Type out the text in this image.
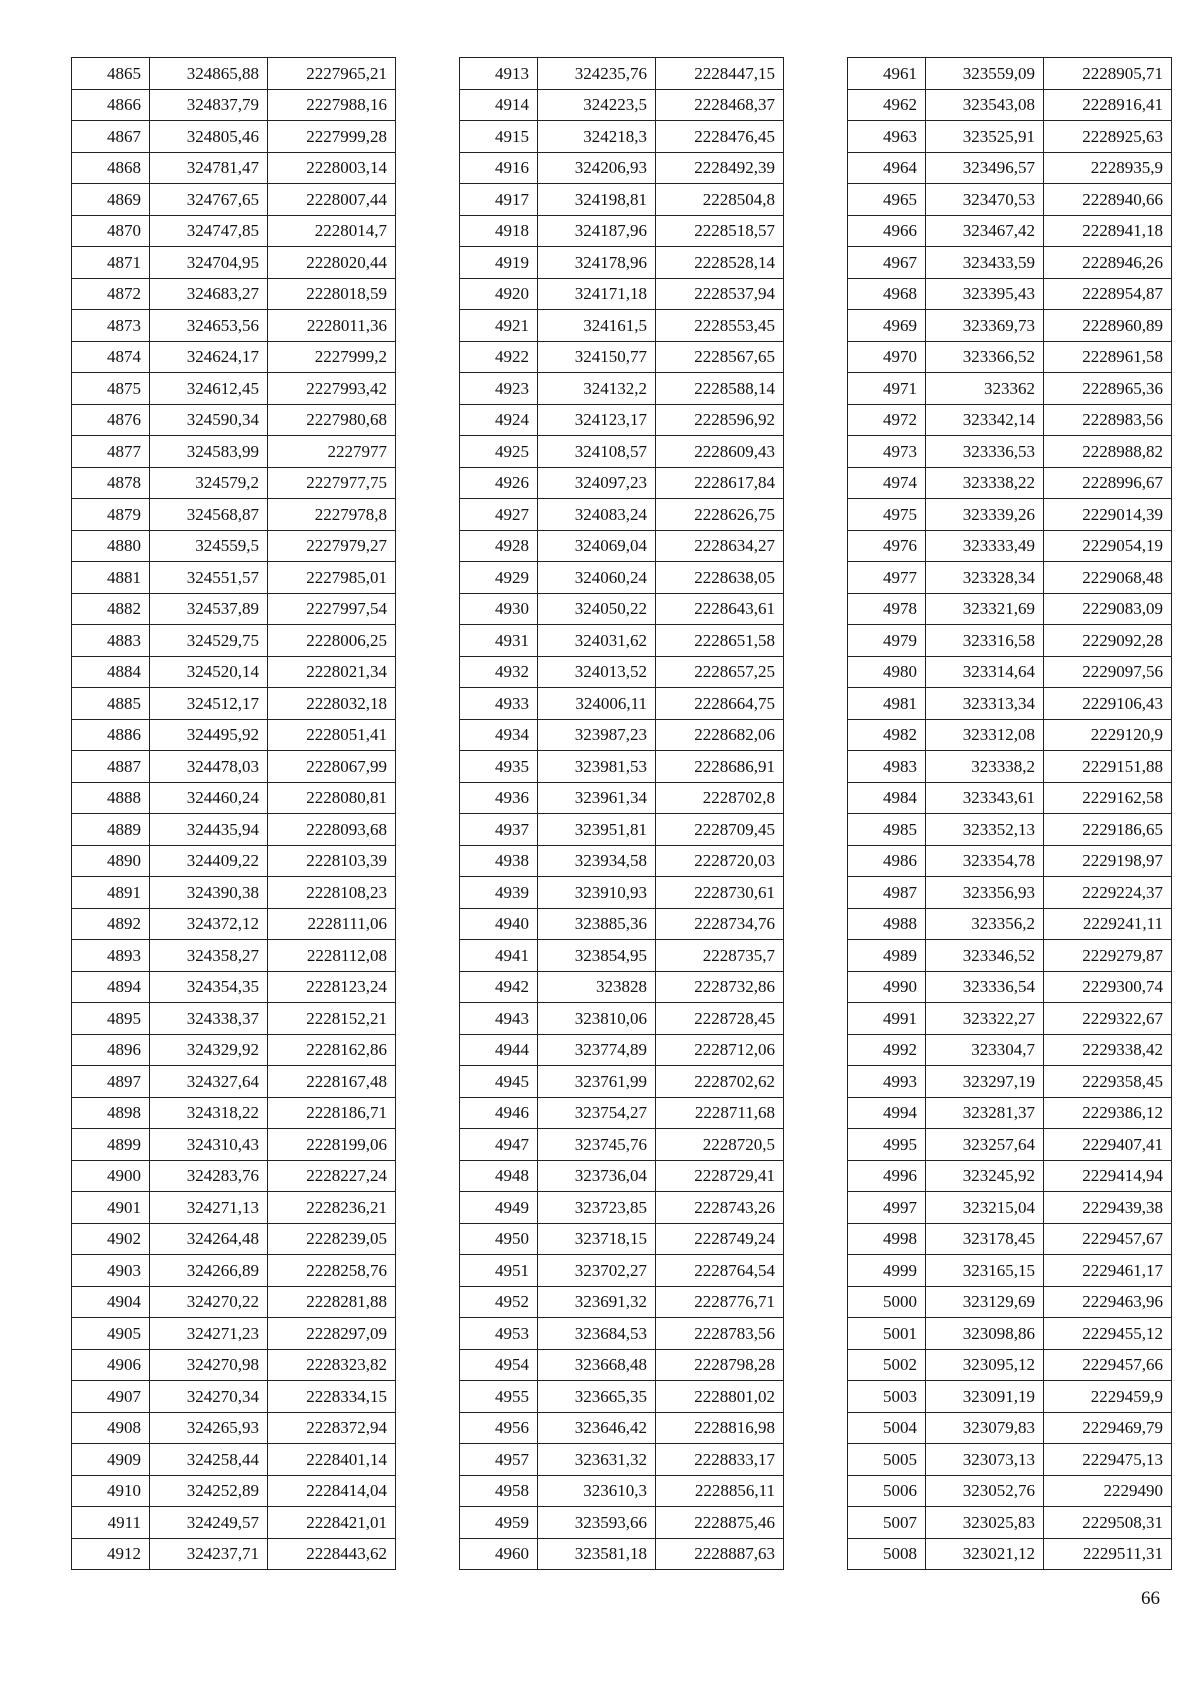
4865	324865,88	2227965,21
4866	324837,79	2227988,16
4867	324805,46	2227999,28
4868	324781,47	2228003,14
4869	324767,65	2228007,44
4870	324747,85	2228014,7
4871	324704,95	2228020,44
4872	324683,27	2228018,59
4873	324653,56	2228011,36
4874	324624,17	2227999,2
4875	324612,45	2227993,42
4876	324590,34	2227980,68
4877	324583,99	2227977
4878	324579,2	2227977,75
4879	324568,87	2227978,8
4880	324559,5	2227979,27
4881	324551,57	2227985,01
4882	324537,89	2227997,54
4883	324529,75	2228006,25
4884	324520,14	2228021,34
4885	324512,17	2228032,18
4886	324495,92	2228051,41
4887	324478,03	2228067,99
4888	324460,24	2228080,81
4889	324435,94	2228093,68
4890	324409,22	2228103,39
4891	324390,38	2228108,23
4892	324372,12	2228111,06
4893	324358,27	2228112,08
4894	324354,35	2228123,24
4895	324338,37	2228152,21
4896	324329,92	2228162,86
4897	324327,64	2228167,48
4898	324318,22	2228186,71
4899	324310,43	2228199,06
4900	324283,76	2228227,24
4901	324271,13	2228236,21
4902	324264,48	2228239,05
4903	324266,89	2228258,76
4904	324270,22	2228281,88
4905	324271,23	2228297,09
4906	324270,98	2228323,82
4907	324270,34	2228334,15
4908	324265,93	2228372,94
4909	324258,44	2228401,14
4910	324252,89	2228414,04
4911	324249,57	2228421,01
4912	324237,71	2228443,62
4913	324235,76	2228447,15
4914	324223,5	2228468,37
4915	324218,3	2228476,45
4916	324206,93	2228492,39
4917	324198,81	2228504,8
4918	324187,96	2228518,57
4919	324178,96	2228528,14
4920	324171,18	2228537,94
4921	324161,5	2228553,45
4922	324150,77	2228567,65
4923	324132,2	2228588,14
4924	324123,17	2228596,92
4925	324108,57	2228609,43
4926	324097,23	2228617,84
4927	324083,24	2228626,75
4928	324069,04	2228634,27
4929	324060,24	2228638,05
4930	324050,22	2228643,61
4931	324031,62	2228651,58
4932	324013,52	2228657,25
4933	324006,11	2228664,75
4934	323987,23	2228682,06
4935	323981,53	2228686,91
4936	323961,34	2228702,8
4937	323951,81	2228709,45
4938	323934,58	2228720,03
4939	323910,93	2228730,61
4940	323885,36	2228734,76
4941	323854,95	2228735,7
4942	323828	2228732,86
4943	323810,06	2228728,45
4944	323774,89	2228712,06
4945	323761,99	2228702,62
4946	323754,27	2228711,68
4947	323745,76	2228720,5
4948	323736,04	2228729,41
4949	323723,85	2228743,26
4950	323718,15	2228749,24
4951	323702,27	2228764,54
4952	323691,32	2228776,71
4953	323684,53	2228783,56
4954	323668,48	2228798,28
4955	323665,35	2228801,02
4956	323646,42	2228816,98
4957	323631,32	2228833,17
4958	323610,3	2228856,11
4959	323593,66	2228875,46
4960	323581,18	2228887,63
4961	323559,09	2228905,71
4962	323543,08	2228916,41
4963	323525,91	2228925,63
4964	323496,57	2228935,9
4965	323470,53	2228940,66
4966	323467,42	2228941,18
4967	323433,59	2228946,26
4968	323395,43	2228954,87
4969	323369,73	2228960,89
4970	323366,52	2228961,58
4971	323362	2228965,36
4972	323342,14	2228983,56
4973	323336,53	2228988,82
4974	323338,22	2228996,67
4975	323339,26	2229014,39
4976	323333,49	2229054,19
4977	323328,34	2229068,48
4978	323321,69	2229083,09
4979	323316,58	2229092,28
4980	323314,64	2229097,56
4981	323313,34	2229106,43
4982	323312,08	2229120,9
4983	323338,2	2229151,88
4984	323343,61	2229162,58
4985	323352,13	2229186,65
4986	323354,78	2229198,97
4987	323356,93	2229224,37
4988	323356,2	2229241,11
4989	323346,52	2229279,87
4990	323336,54	2229300,74
4991	323322,27	2229322,67
4992	323304,7	2229338,42
4993	323297,19	2229358,45
4994	323281,37	2229386,12
4995	323257,64	2229407,41
4996	323245,92	2229414,94
4997	323215,04	2229439,38
4998	323178,45	2229457,67
4999	323165,15	2229461,17
5000	323129,69	2229463,96
5001	323098,86	2229455,12
5002	323095,12	2229457,66
5003	323091,19	2229459,9
5004	323079,83	2229469,79
5005	323073,13	2229475,13
5006	323052,76	2229490
5007	323025,83	2229508,31
5008	323021,12	2229511,31
66
